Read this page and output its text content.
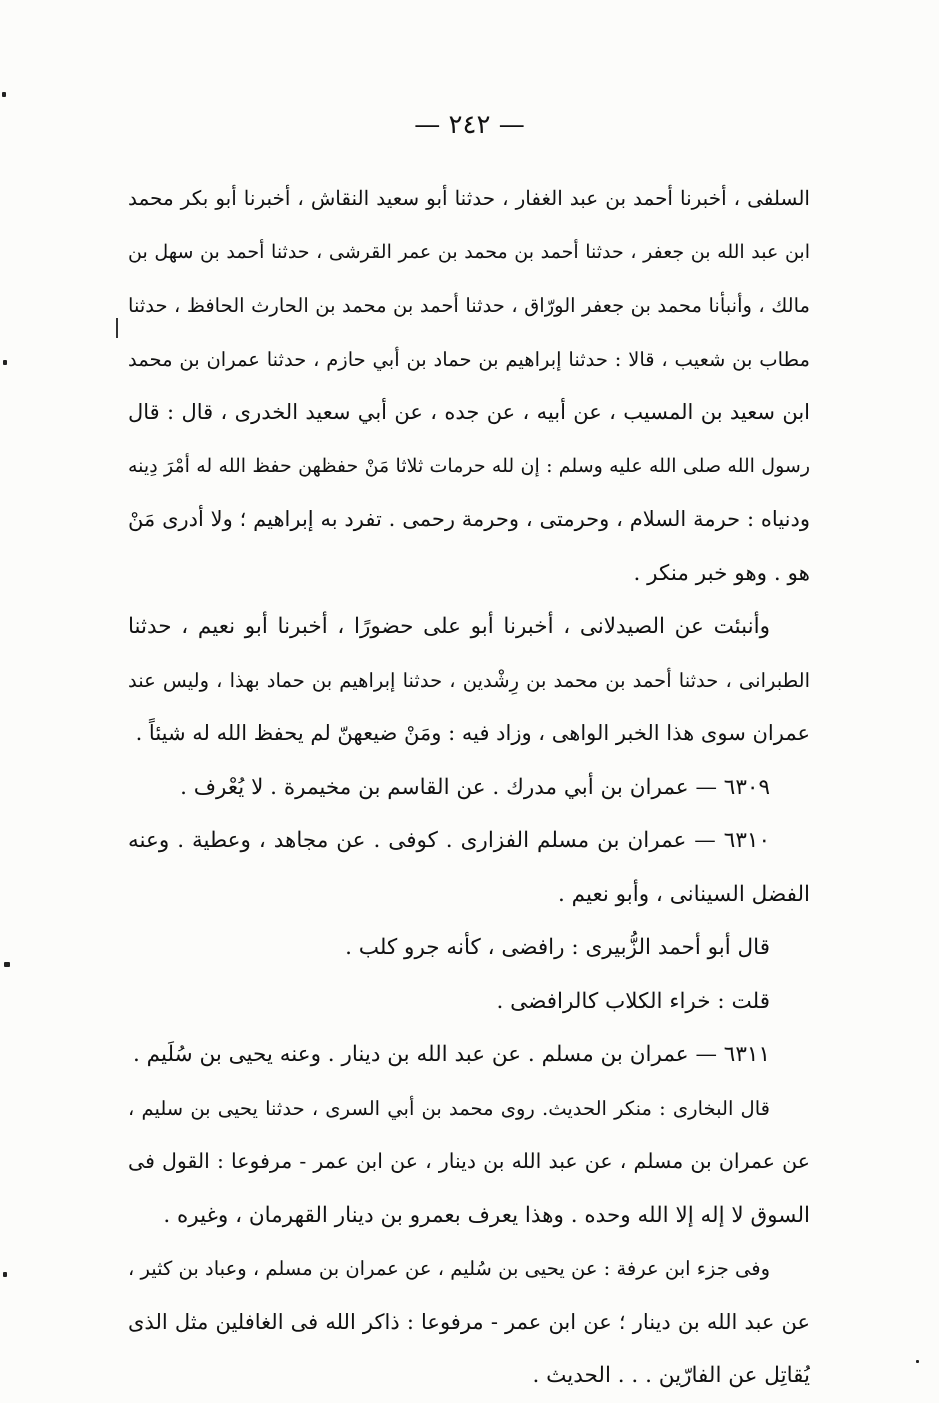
— ٢٤٢ —
السلفى ، أخبرنا أحمد بن عبد الغفار ، حدثنا أبو سعيد النقاش ، أخبرنا أبو بكر محمد
ابن عبد الله بن جعفر ، حدثنا أحمد بن محمد بن عمر القرشى ، حدثنا أحمد بن سهل بن
مالك ، وأنبأنا محمد بن جعفر الورّاق ، حدثنا أحمد بن محمد بن الحارث الحافظ ، حدثنا
مطاب بن شعيب ، قالا : حدثنا إبراهيم بن حماد بن أبي حازم ، حدثنا عمران بن محمد
ابن سعيد بن المسيب ، عن أبيه ، عن جده ، عن أبي سعيد الخدرى ، قال : قال
رسول الله صلى الله عليه وسلم : إن لله حرمات ثلاثا مَنْ حفظهن حفظ الله له أمْرَ دِينه
ودنياه : حرمة السلام ، وحرمتى ، وحرمة رحمى . تفرد به إبراهيم ؛ ولا أدرى مَنْ
هو . وهو خبر منكر .
وأنبئت عن الصيدلانى ، أخبرنا أبو على حضورًا ، أخبرنا أبو نعيم ، حدثنا
الطبرانى ، حدثنا أحمد بن محمد بن رِشْدين ، حدثنا إبراهيم بن حماد بهذا ، وليس عند
عمران سوى هذا الخبر الواهى ، وزاد فيه : ومَنْ ضيعهنّ لم يحفظ الله له شيئاً .
٦٣٠٩ — عمران بن أبي مدرك . عن القاسم بن مخيمرة . لا يُعْرف .
٦٣١٠ — عمران بن مسلم الفزارى . كوفى . عن مجاهد ، وعطية . وعنه
الفضل السينانى ، وأبو نعيم .
قال أبو أحمد الزُّبيرى : رافضى ، كأنه جرو كلب .
قلت : خراء الكلاب كالرافضى .
٦٣١١ — عمران بن مسلم . عن عبد الله بن دينار . وعنه يحيى بن سُلَيم .
قال البخارى : منكر الحديث. روى محمد بن أبي السرى ، حدثنا يحيى بن سليم ،
عن عمران بن مسلم ، عن عبد الله بن دينار ، عن ابن عمر - مرفوعا : القول فى
السوق لا إله إلا الله وحده . وهذا يعرف بعمرو بن دينار القهرمان ، وغيره .
وفى جزء ابن عرفة : عن يحيى بن سُليم ، عن عمران بن مسلم ، وعباد بن كثير ،
عن عبد الله بن دينار ؛ عن ابن عمر - مرفوعا : ذاكر الله فى الغافلين مثل الذى
يُقاتِل عن الفارّين . . . الحديث .
